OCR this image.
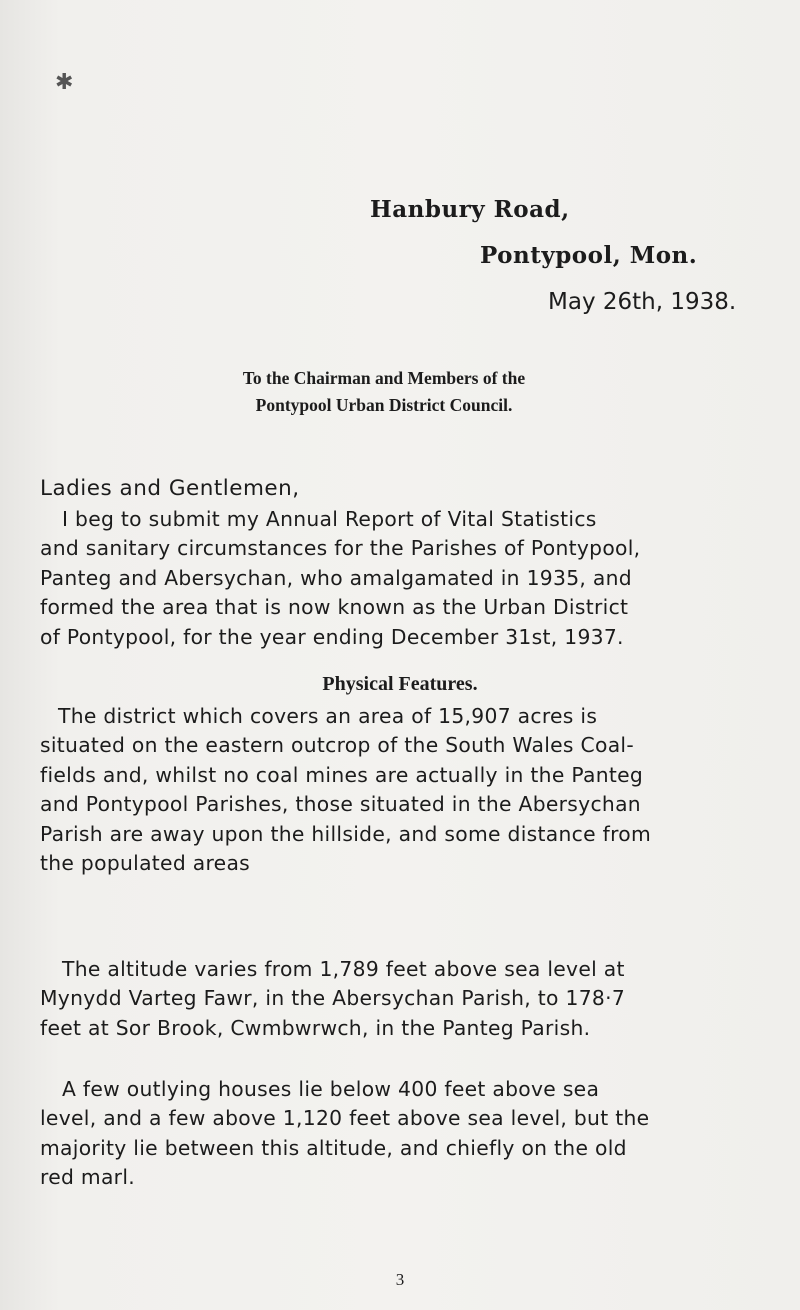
✱
Hanbury Road,
Pontypool, Mon.
May 26th, 1938.
To the Chairman and Members of the
Pontypool Urban District Council.
Ladies and Gentlemen,
I beg to submit my Annual Report of Vital Statistics
and sanitary circumstances for the Parishes of Pontypool,
Panteg and Abersychan, who amalgamated in 1935, and
formed the area that is now known as the Urban District
of Pontypool, for the year ending December 31st, 1937.
Physical Features.
The district which covers an area of 15,907 acres is
situated on the eastern outcrop of the South Wales Coal-
fields and, whilst no coal mines are actually in the Panteg
and Pontypool Parishes, those situated in the Abersychan
Parish are away upon the hillside, and some distance from
the populated areas
The altitude varies from 1,789 feet above sea level at
Mynydd Varteg Fawr, in the Abersychan Parish, to 178·7
feet at Sor Brook, Cwmbwrwch, in the Panteg Parish.
A few outlying houses lie below 400 feet above sea
level, and a few above 1,120 feet above sea level, but the
majority lie between this altitude, and chiefly on the old
red marl.
3
